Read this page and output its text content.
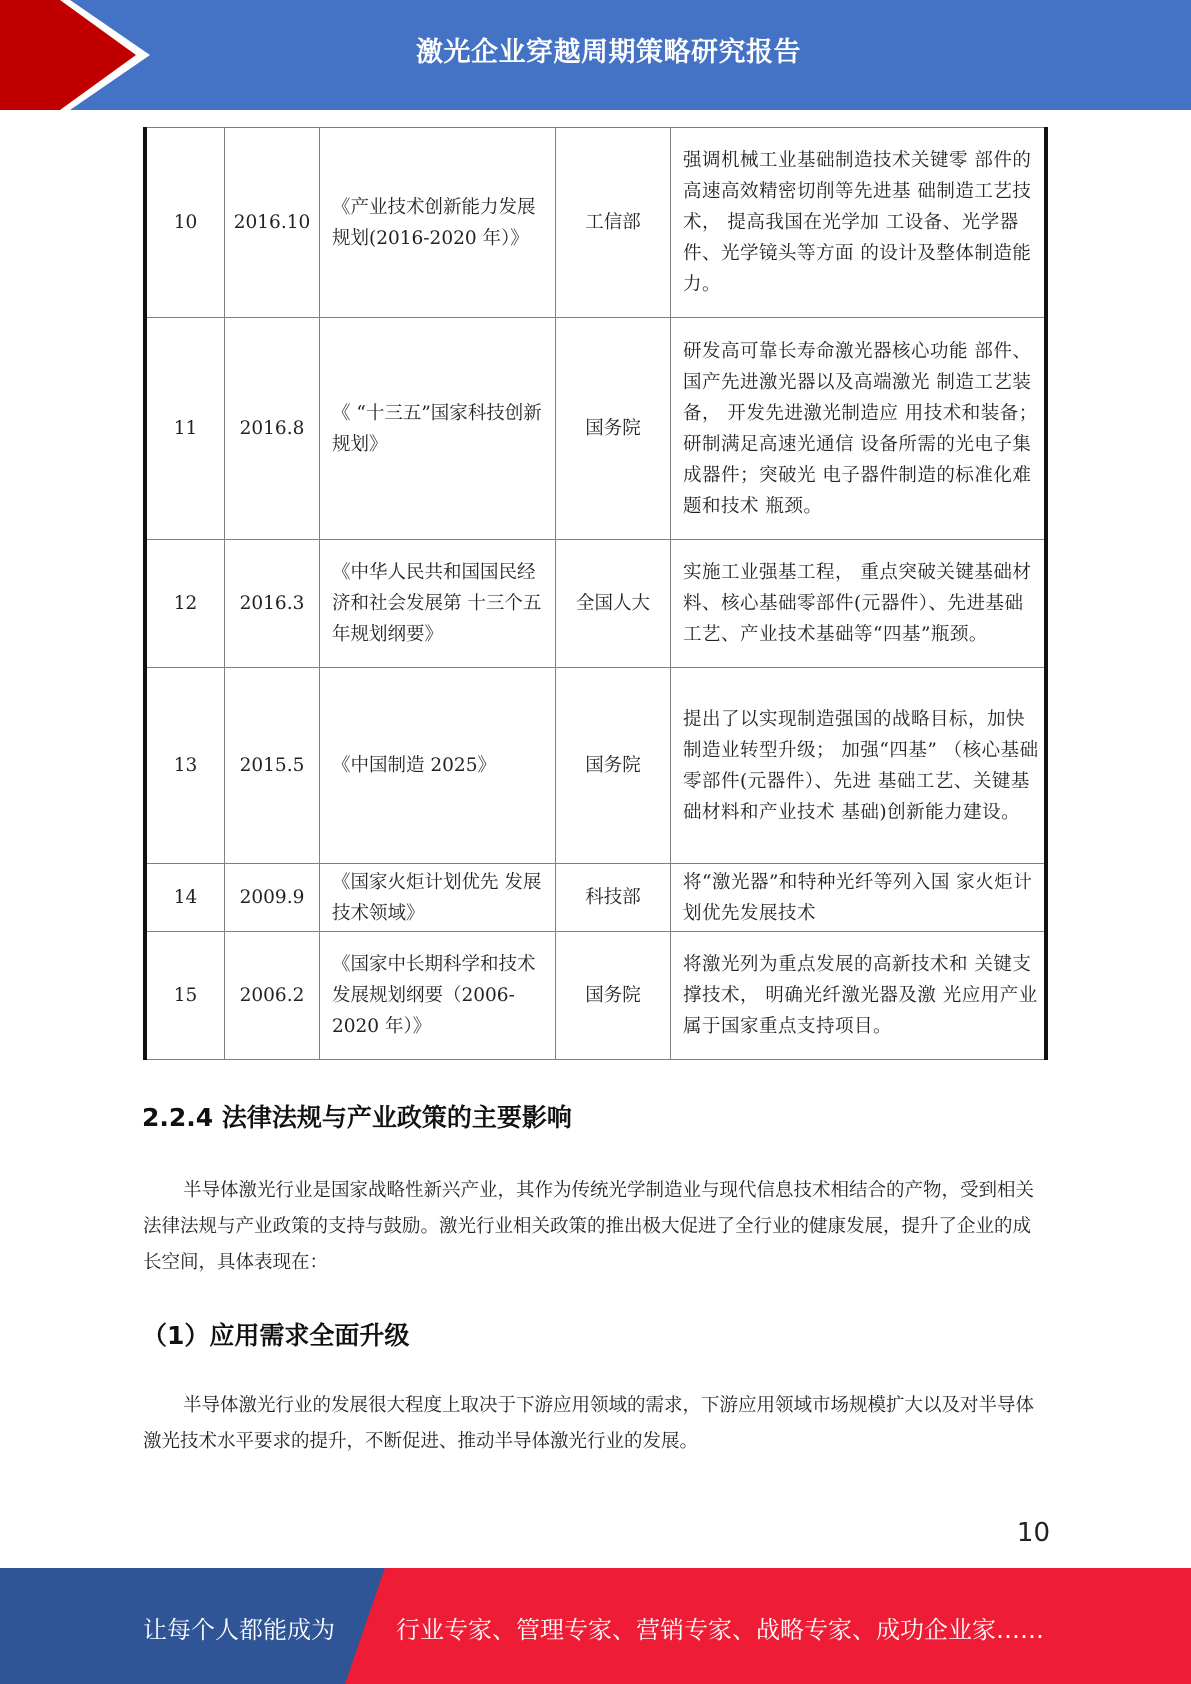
激光企业穿越周期策略研究报告
10	2016.10	《产业技术创新能力发展规划(2016-2020 年）》	工信部	强调机械工业基础制造技术关键零 部件的高速高效精密切削等先进基 础制造工艺技术， 提高我国在光学加 工设备、光学器件、光学镜头等方面 的设计及整体制造能力。
11	2016.8	《 “十三五”国家科技创新规划》	国务院	研发高可靠长寿命激光器核心功能 部件、国产先进激光器以及高端激光 制造工艺装备， 开发先进激光制造应 用技术和装备； 研制满足高速光通信 设备所需的光电子集成器件；突破光 电子器件制造的标准化难题和技术 瓶颈。
12	2016.3	《中华人民共和国国民经济和社会发展第 十三个五年规划纲要》	全国人大	实施工业强基工程， 重点突破关键基础材料、核心基础零部件(元器件）、先进基础工艺、产业技术基础等“四基”瓶颈。
13	2015.5	《中国制造 2025》	国务院	提出了以实现制造强国的战略目标，加快制造业转型升级； 加强“四基” （核心基础零部件(元器件）、先进 基础工艺、关键基础材料和产业技术 基础)创新能力建设。
14	2009.9	《国家火炬计划优先 发展技术领域》	科技部	将“激光器”和特种光纤等列入国 家火炬计划优先发展技术
15	2006.2	《国家中长期科学和技术发展规划纲要（2006-2020 年）》	国务院	将激光列为重点发展的高新技术和 关键支撑技术， 明确光纤激光器及激 光应用产业属于国家重点支持项目。
2.2.4 法律法规与产业政策的主要影响

半导体激光行业是国家战略性新兴产业，其作为传统光学制造业与现代信息技术相结合的产物，受到相关法律法规与产业政策的支持与鼓励。激光行业相关政策的推出极大促进了全行业的健康发展，提升了企业的成长空间，具体表现在：

（1）应用需求全面升级

半导体激光行业的发展很大程度上取决于下游应用领域的需求，下游应用领域市场规模扩大以及对半导体激光技术水平要求的提升，不断促进、推动半导体激光行业的发展。

10
让每个人都能成为	行业专家、管理专家、营销专家、战略专家、成功企业家……
